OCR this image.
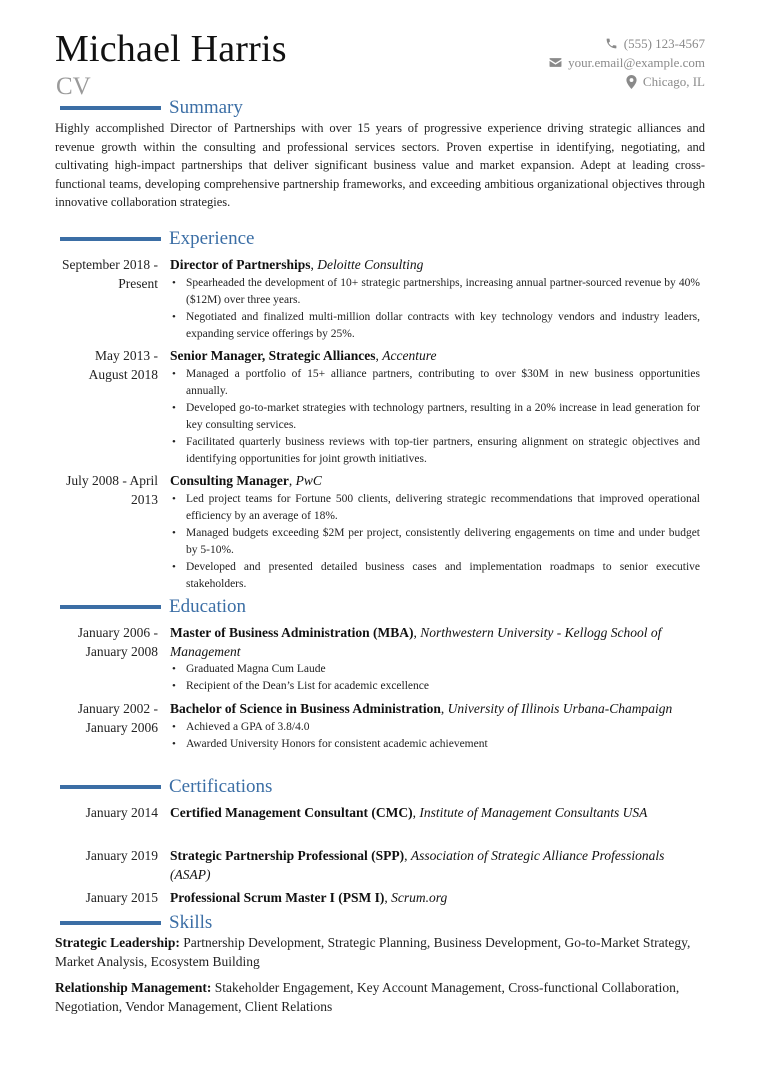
Michael Harris
CV
(555) 123-4567
your.email@example.com
Chicago, IL
Summary
Highly accomplished Director of Partnerships with over 15 years of progressive experience driving strategic alliances and revenue growth within the consulting and professional services sectors. Proven expertise in identifying, negotiating, and cultivating high-impact partnerships that deliver significant business value and market expansion. Adept at leading cross-functional teams, developing comprehensive partnership frameworks, and exceeding ambitious organizational objectives through innovative collaboration strategies.
Experience
September 2018 - Present
Director of Partnerships, Deloitte Consulting
• Spearheaded the development of 10+ strategic partnerships, increasing annual partner-sourced revenue by 40% ($12M) over three years.
• Negotiated and finalized multi-million dollar contracts with key technology vendors and industry leaders, expanding service offerings by 25%.
May 2013 - August 2018
Senior Manager, Strategic Alliances, Accenture
• Managed a portfolio of 15+ alliance partners, contributing to over $30M in new business opportunities annually.
• Developed go-to-market strategies with technology partners, resulting in a 20% increase in lead generation for key consulting services.
• Facilitated quarterly business reviews with top-tier partners, ensuring alignment on strategic objectives and identifying opportunities for joint growth initiatives.
July 2008 - April 2013
Consulting Manager, PwC
• Led project teams for Fortune 500 clients, delivering strategic recommendations that improved operational efficiency by an average of 18%.
• Managed budgets exceeding $2M per project, consistently delivering engagements on time and under budget by 5-10%.
• Developed and presented detailed business cases and implementation roadmaps to senior executive stakeholders.
Education
January 2006 - January 2008
Master of Business Administration (MBA), Northwestern University - Kellogg School of Management
• Graduated Magna Cum Laude
• Recipient of the Dean’s List for academic excellence
January 2002 - January 2006
Bachelor of Science in Business Administration, University of Illinois Urbana-Champaign
• Achieved a GPA of 3.8/4.0
• Awarded University Honors for consistent academic achievement
Certifications
January 2014 Certified Management Consultant (CMC), Institute of Management Consultants USA
January 2019 Strategic Partnership Professional (SPP), Association of Strategic Alliance Professionals (ASAP)
January 2015 Professional Scrum Master I (PSM I), Scrum.org
Skills
Strategic Leadership: Partnership Development, Strategic Planning, Business Development, Go-to-Market Strategy, Market Analysis, Ecosystem Building
Relationship Management: Stakeholder Engagement, Key Account Management, Cross-functional Collaboration, Negotiation, Vendor Management, Client Relations
